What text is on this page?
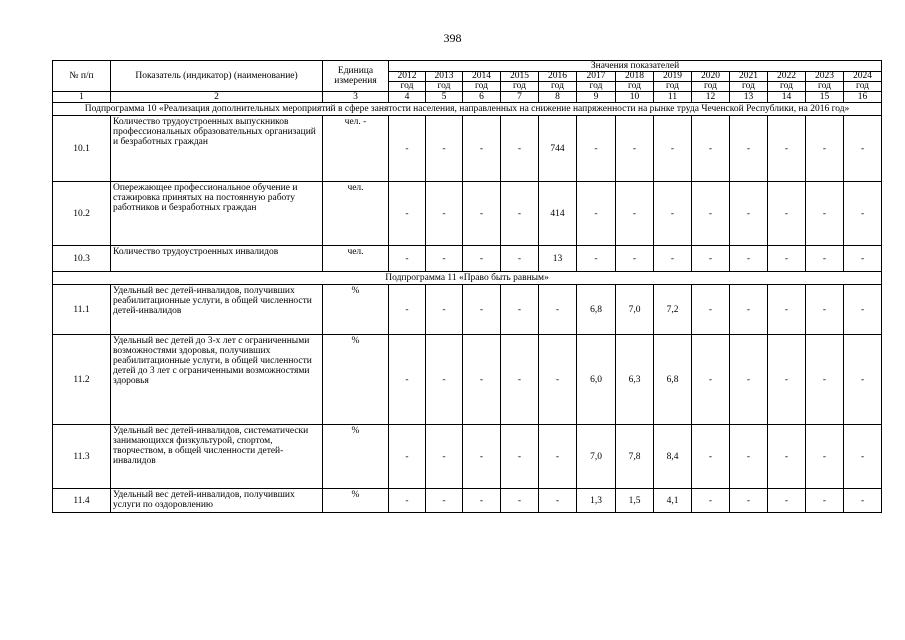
398
№ п/п	Показатель (индикатор) (наименование)	Единица измерения	Значения показателей												
			2012	2013	2014	2015	2016	2017	2018	2019	2020	2021	2022	2023	2024
			год	год	год	год	год	год	год	год	год	год	год	год	год
1	2	3	4	5	6	7	8	9	10	11	12	13	14	15	16
Подпрограмма 10 «Реализация дополнительных мероприятий в сфере занятости населения, направленных на снижение напряженности на рынке труда Чеченской Республики, на 2016 год»															
10.1	Количество трудоустроенных выпускников профессиональных образовательных организаций и безработных граждан	чел. -	-	-	-	-	744	-	-	-	-	-	-	-	-
10.2	Опережающее профессиональное обучение и стажировка принятых на постоянную работу работников и безработных граждан	чел.	-	-	-	-	414	-	-	-	-	-	-	-	-
10.3	Количество трудоустроенных инвалидов	чел.	-	-	-	-	13	-	-	-	-	-	-	-	-
Подпрограмма 11 «Право быть равным»															
11.1	Удельный вес детей-инвалидов, получивших реабилитационные услуги, в общей численности детей-инвалидов	%	-	-	-	-	-	6,8	7,0	7,2	-	-	-	-	-
11.2	Удельный вес детей до 3-х лет с ограниченными возможностями здоровья, получивших реабилитационные услуги, в общей численности детей до 3 лет с ограниченными возможностями здоровья	%	-	-	-	-	-	6,0	6,3	6,8	-	-	-	-	-
11.3	Удельный вес детей-инвалидов, систематически занимающихся физкультурой, спортом, творчеством, в общей численности детей-инвалидов	%	-	-	-	-	-	7,0	7,8	8,4	-	-	-	-	-
11.4	Удельный вес детей-инвалидов, получивших услуги по оздоровлению	%	-	-	-	-	-	1,3	1,5	4,1	-	-	-	-	-
